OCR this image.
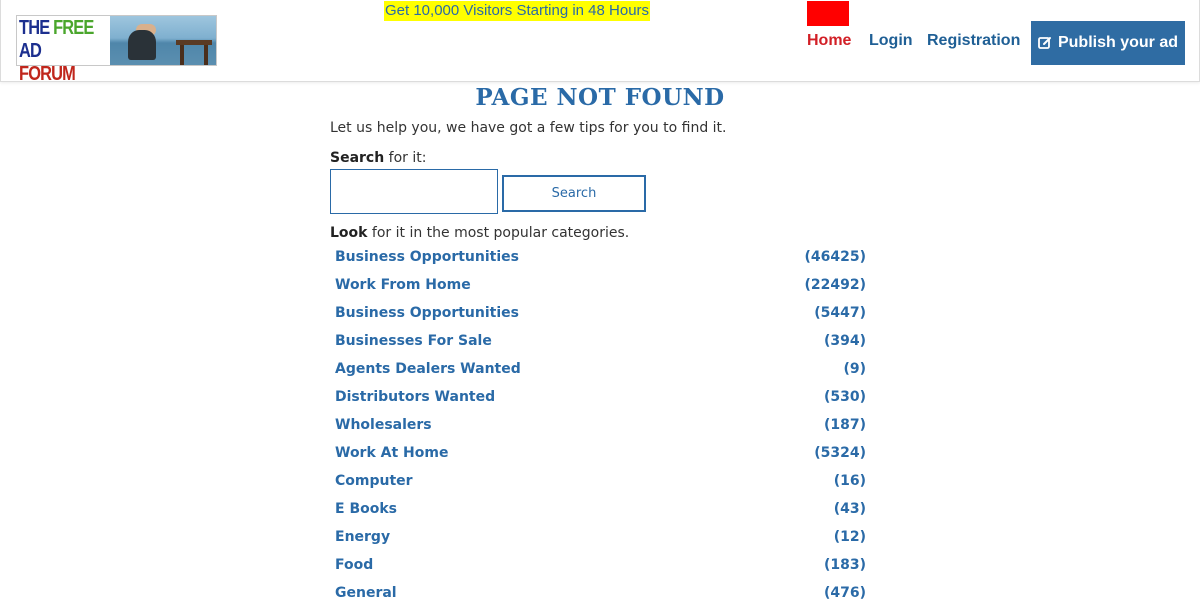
THE FREE
AD FORUM
Get 10,000 Visitors Starting in 48 Hours
Home Login Registration Publish your ad
PAGE NOT FOUND
Let us help you, we have got a few tips for you to find it.
Search for it:
Search
Look for it in the most popular categories.
Business Opportunities	(46425)
Work From Home	(22492)
Business Opportunities	(5447)
Businesses For Sale	(394)
Agents Dealers Wanted	(9)
Distributors Wanted	(530)
Wholesalers	(187)
Work At Home	(5324)
Computer	(16)
E Books	(43)
Energy	(12)
Food	(183)
General	(476)
